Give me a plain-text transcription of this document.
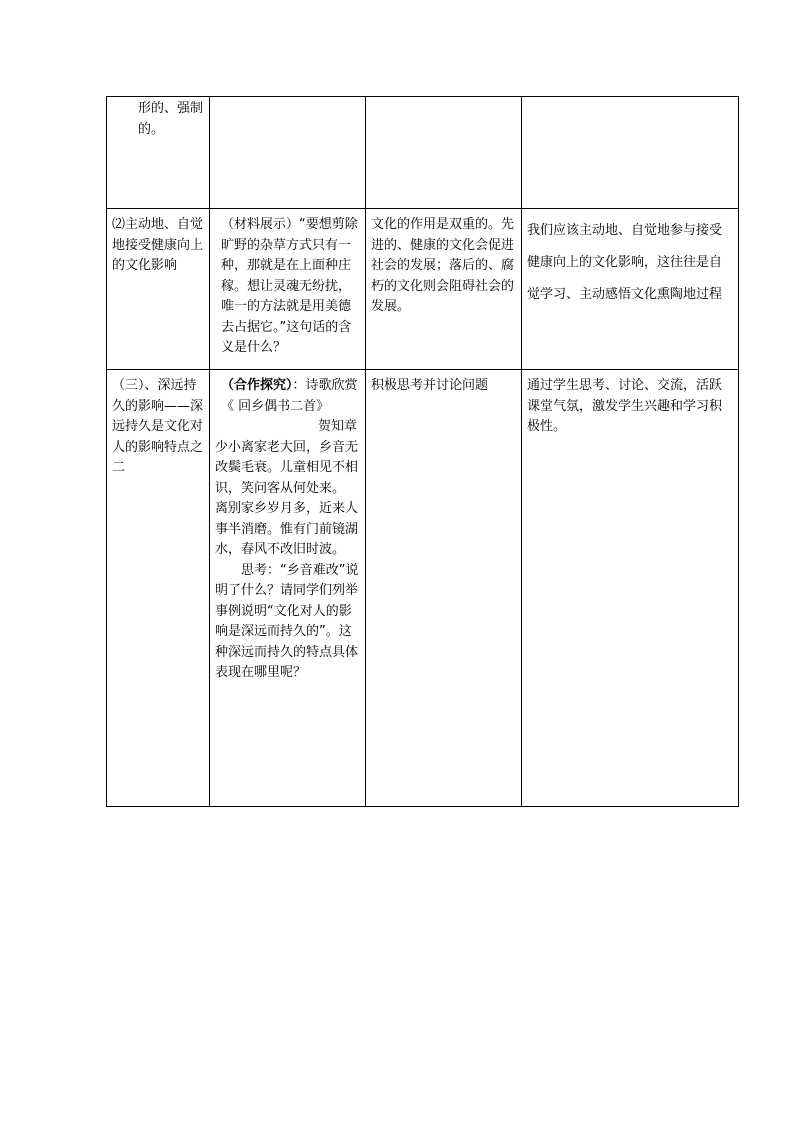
形的、强制的。			

⑵主动地、自觉地接受健康向上的文化影响	（材料展示）“要想剪除旷野的杂草方式只有一种，那就是在上面种庄稼。想让灵魂无纷扰，唯一的方法就是用美德去占据它。”这句话的含义是什么？	文化的作用是双重的。先进的、健康的文化会促进社会的发展；落后的、腐朽的文化则会阻碍社会的发展。	我们应该主动地、自觉地参与接受健康向上的文化影响，这往往是自觉学习、主动感悟文化熏陶地过程

（三）、深远持久的影响——深远持久是文化对人的影响特点之二	（合作探究）：诗歌欣赏《 回乡偶书二首》

贺知章

少小离家老大回，乡音无改鬓毛衰。儿童相见不相识，笑问客从何处来。

离别家乡岁月多，近来人事半消磨。惟有门前镜湖水，春风不改旧时波。

思考：“乡音难改”说明了什么？请同学们列举事例说明“文化对人的影响是深远而持久的”。这种深远而持久的特点具体表现在哪里呢？	积极思考并讨论问题	通过学生思考、讨论、交流，活跃课堂气氛，激发学生兴趣和学习积极性。
